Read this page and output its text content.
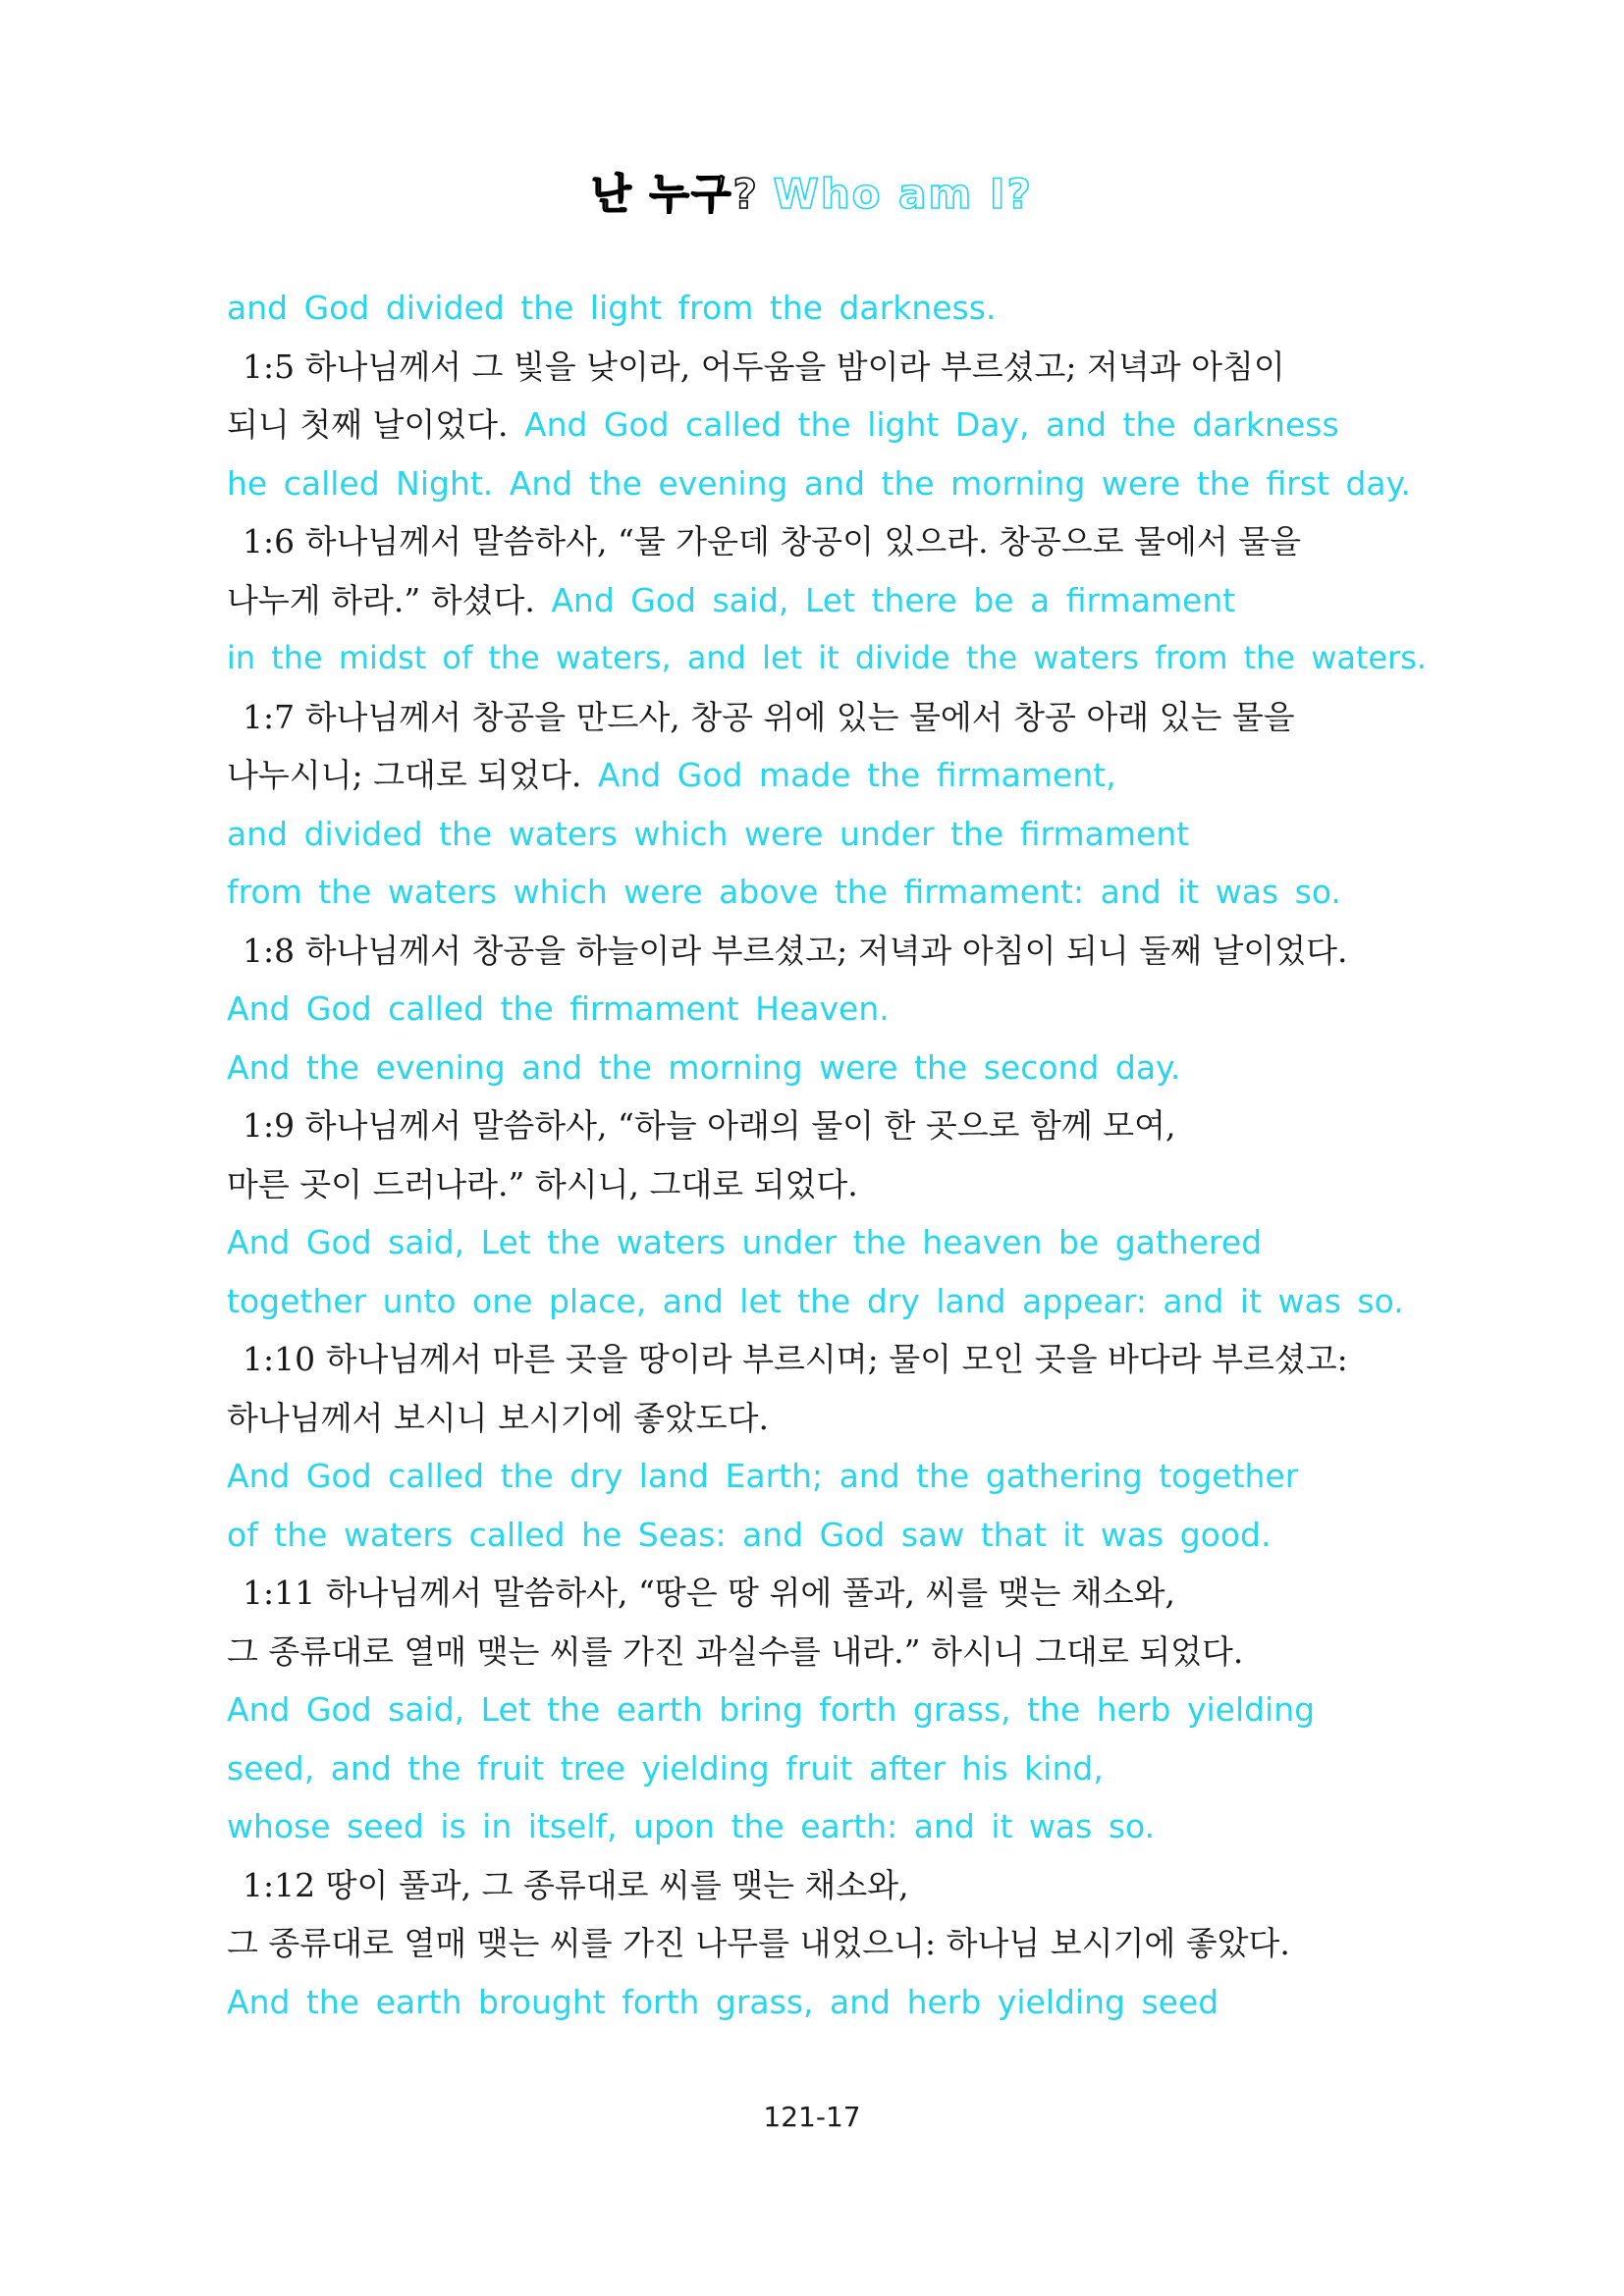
난 누구? Who am I?
and God divided the light from the darkness.
1:5 하나님께서 그 빛을 낮이라, 어두움을 밤이라 부르셨고; 저녁과 아침이
되니 첫째 날이었다. And God called the light Day, and the darkness
he called Night. And the evening and the morning were the first day.
1:6 하나님께서 말씀하사, “물 가운데 창공이 있으라. 창공으로 물에서 물을
나누게 하라.” 하셨다. And God said, Let there be a firmament
in the midst of the waters, and let it divide the waters from the waters.
1:7 하나님께서 창공을 만드사, 창공 위에 있는 물에서 창공 아래 있는 물을
나누시니; 그대로 되었다. And God made the firmament,
and divided the waters which were under the firmament
from the waters which were above the firmament: and it was so.
1:8 하나님께서 창공을 하늘이라 부르셨고; 저녁과 아침이 되니 둘째 날이었다.
And God called the firmament Heaven.
And the evening and the morning were the second day.
1:9 하나님께서 말씀하사, “하늘 아래의 물이 한 곳으로 함께 모여,
마른 곳이 드러나라.” 하시니, 그대로 되었다.
And God said, Let the waters under the heaven be gathered
together unto one place, and let the dry land appear: and it was so.
1:10 하나님께서 마른 곳을 땅이라 부르시며; 물이 모인 곳을 바다라 부르셨고:
하나님께서 보시니 보시기에 좋았도다.
And God called the dry land Earth; and the gathering together
of the waters called he Seas: and God saw that it was good.
1:11 하나님께서 말씀하사, “땅은 땅 위에 풀과, 씨를 맺는 채소와,
그 종류대로 열매 맺는 씨를 가진 과실수를 내라.” 하시니 그대로 되었다.
And God said, Let the earth bring forth grass, the herb yielding
seed, and the fruit tree yielding fruit after his kind,
whose seed is in itself, upon the earth: and it was so.
1:12 땅이 풀과, 그 종류대로 씨를 맺는 채소와,
그 종류대로 열매 맺는 씨를 가진 나무를 내었으니: 하나님 보시기에 좋았다.
And the earth brought forth grass, and herb yielding seed
121-17
